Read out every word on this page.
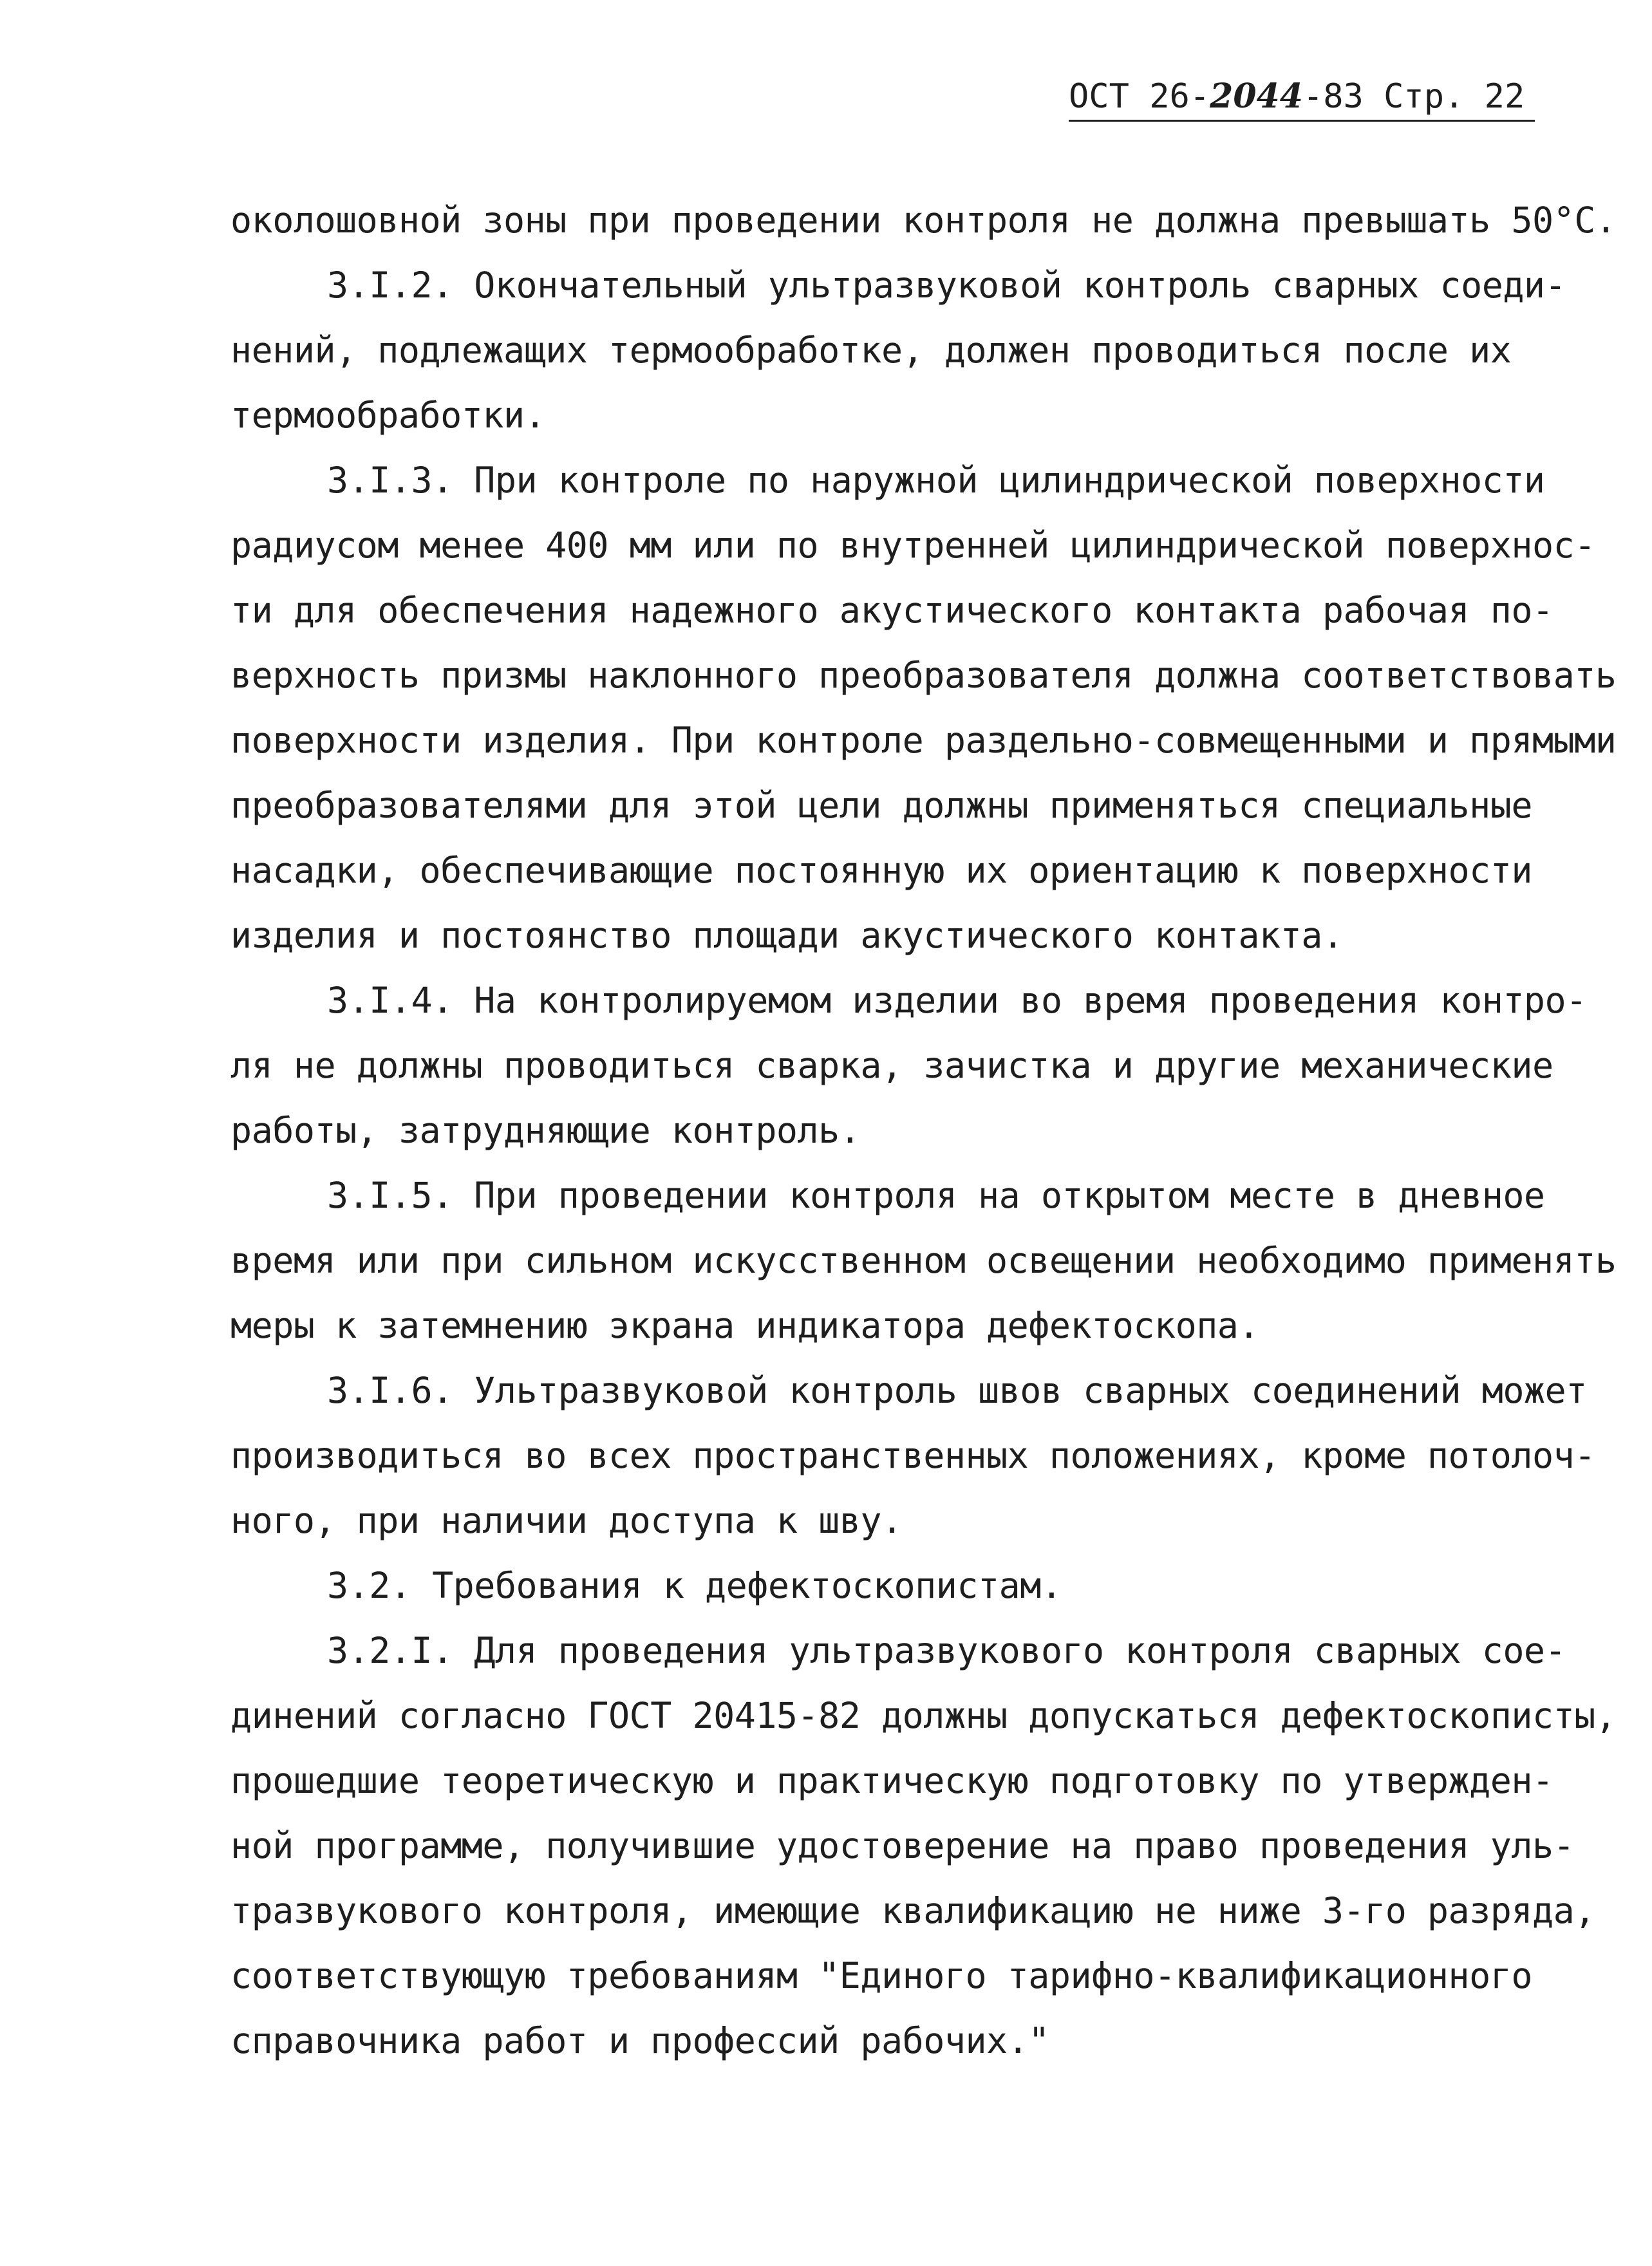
ОСТ 26-2044-83 Стр. 22
околошовной зоны при проведении контроля не должна превышать 50°С.
3.I.2. Окончательный ультразвуковой контроль сварных соеди-
нений, подлежащих термообработке, должен проводиться после их
термообработки.
3.I.3. При контроле по наружной цилиндрической поверхности
радиусом менее 400 мм или по внутренней цилиндрической поверхнос-
ти для обеспечения надежного акустического контакта рабочая по-
верхность призмы наклонного преобразователя должна соответствовать
поверхности изделия. При контроле раздельно-совмещенными и прямыми
преобразователями для этой цели должны применяться специальные
насадки, обеспечивающие постоянную их ориентацию к поверхности
изделия и постоянство площади акустического контакта.
3.I.4. На контролируемом изделии во время проведения контро-
ля не должны проводиться сварка, зачистка и другие механические
работы, затрудняющие контроль.
3.I.5. При проведении контроля на открытом месте в дневное
время или при сильном искусственном освещении необходимо применять
меры к затемнению экрана индикатора дефектоскопа.
3.I.6. Ультразвуковой контроль швов сварных соединений может
производиться во всех пространственных положениях, кроме потолоч-
ного, при наличии доступа к шву.
3.2. Требования к дефектоскопистам.
3.2.I. Для проведения ультразвукового контроля сварных сое-
динений согласно ГОСТ 20415-82 должны допускаться дефектоскописты,
прошедшие теоретическую и практическую подготовку по утвержден-
ной программе, получившие удостоверение на право проведения уль-
тразвукового контроля, имеющие квалификацию не ниже 3-го разряда,
соответствующую требованиям "Единого тарифно-квалификационного
справочника работ и профессий рабочих."
